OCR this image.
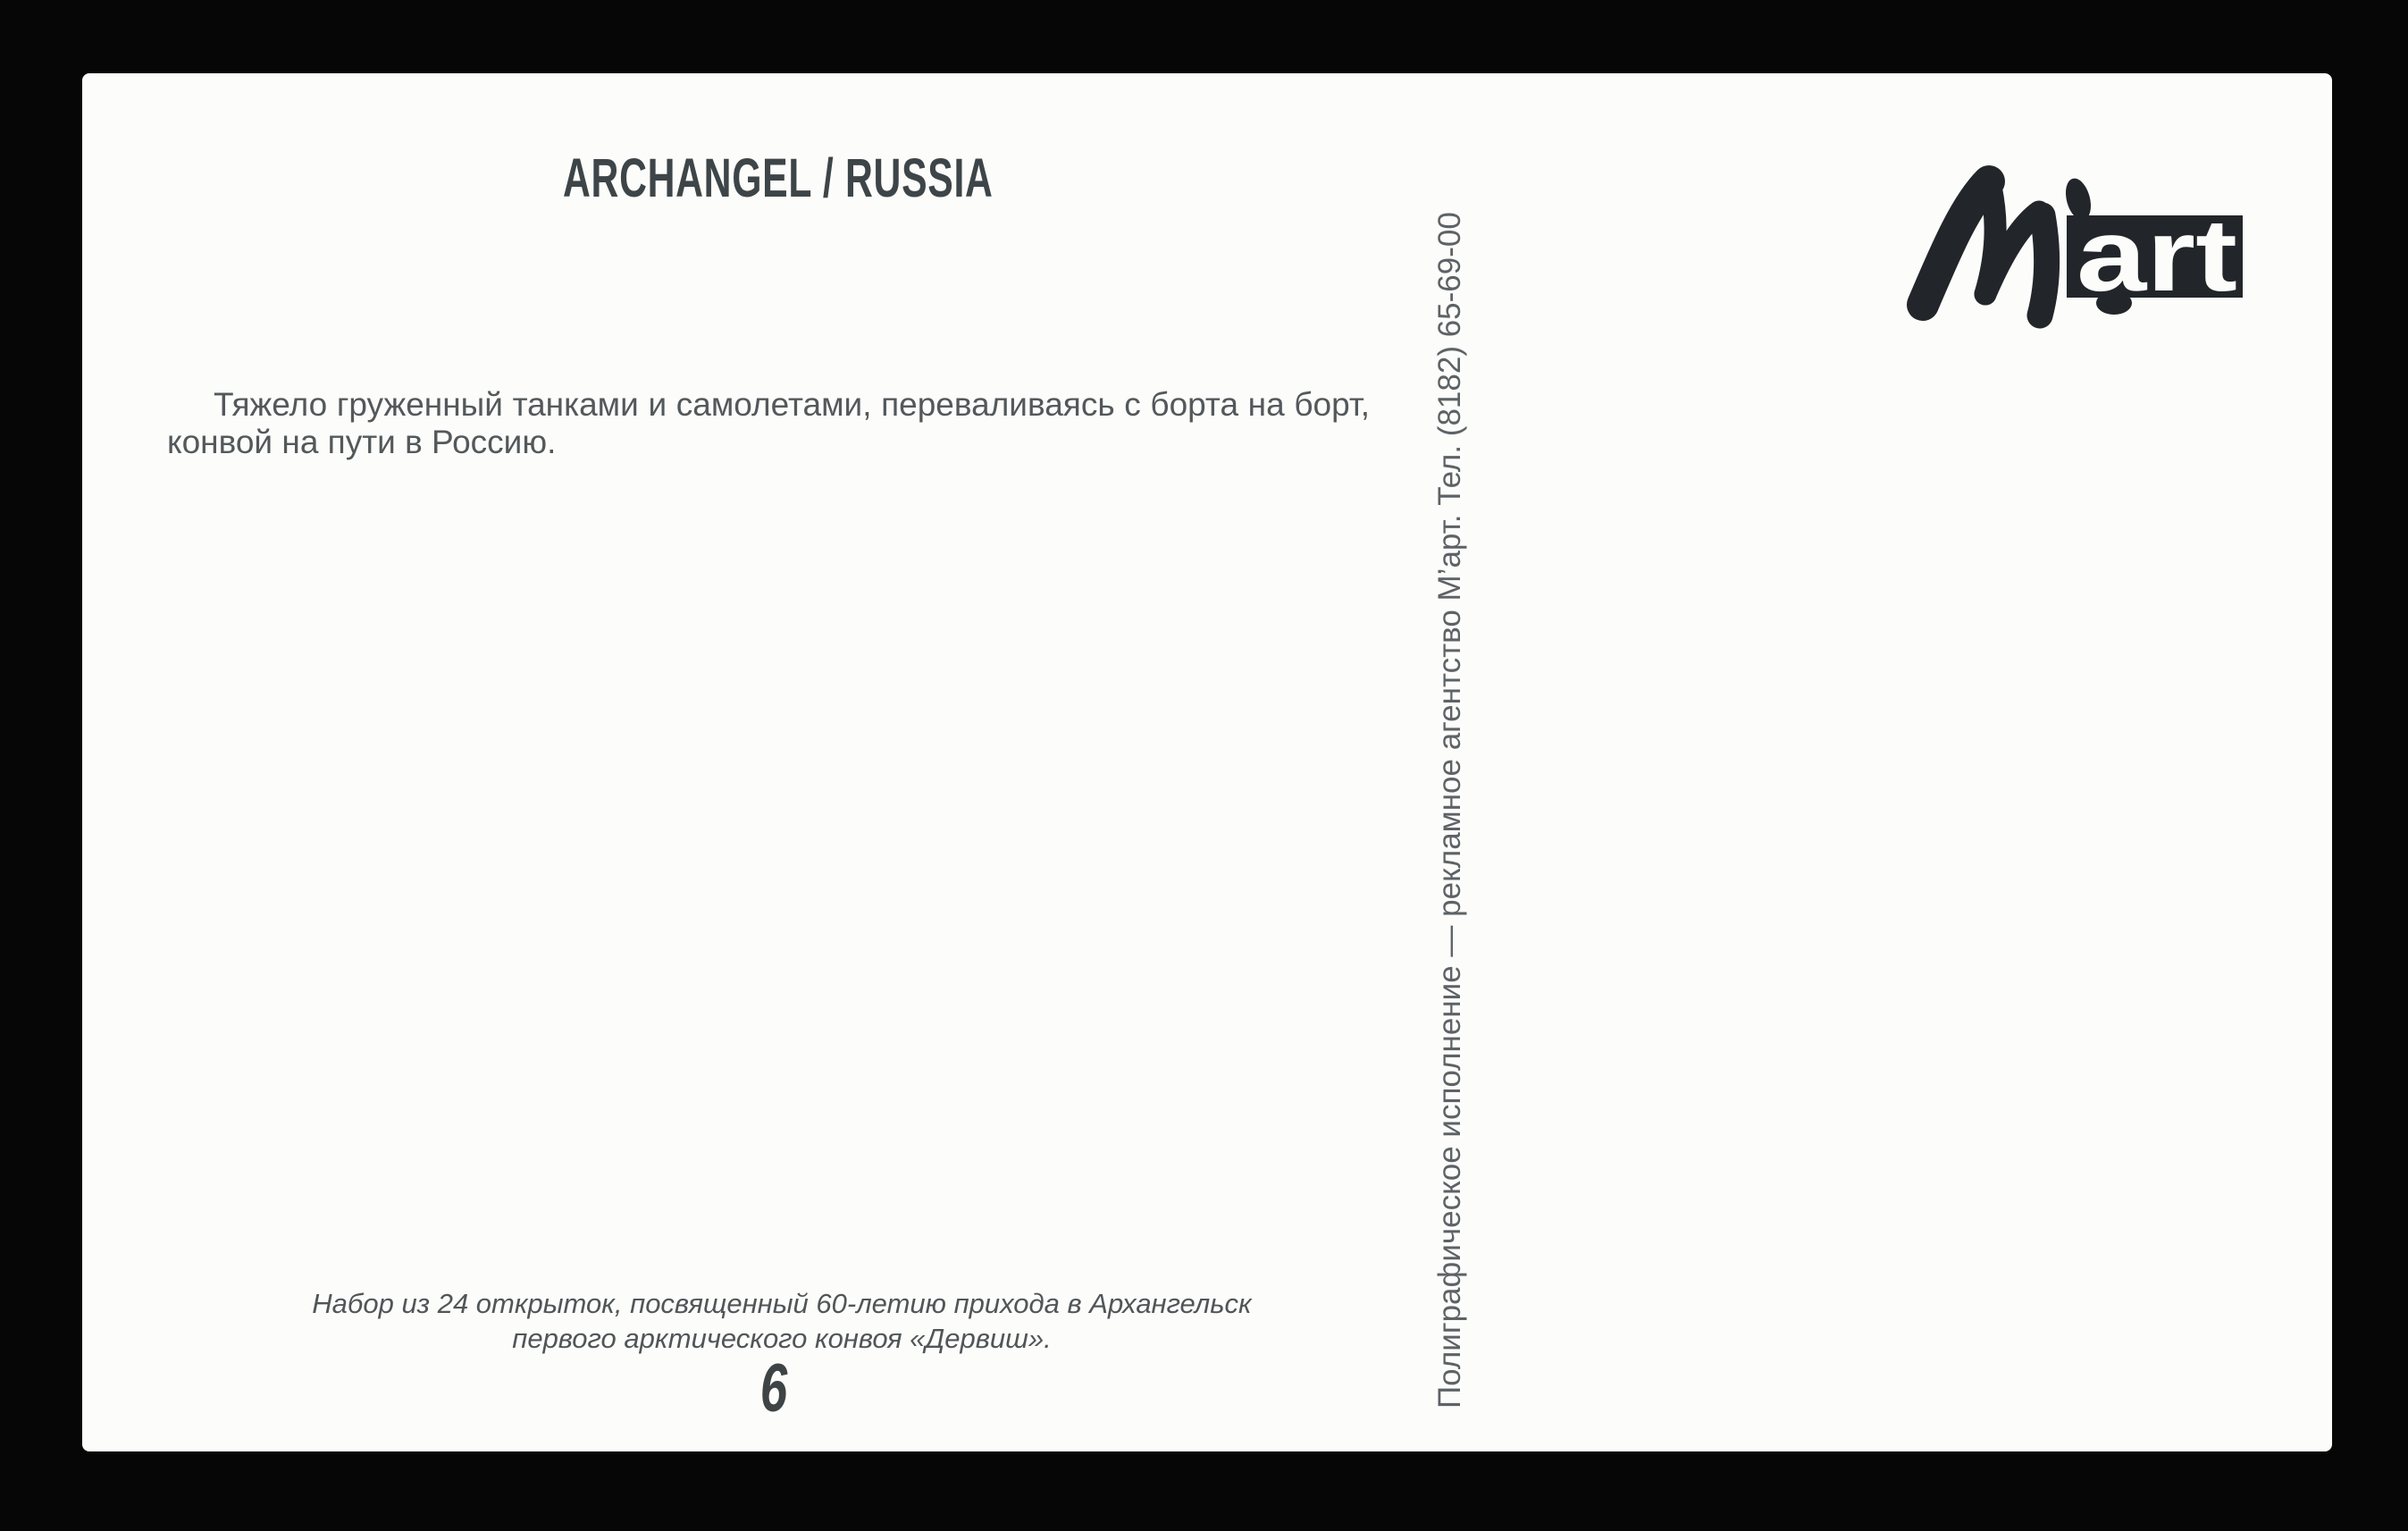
ARCHANGEL / RUSSIA
art

Тяжело груженный танками и самолетами, переваливаясь с борта на борт,
конвой на пути в Россию.	Полиграфическое исполнение — рекламное агентство М’арт. Тел. (8182) 65-69-00

Набор из 24 открыток, посвященный 60-летию прихода в Архангельск
первого арктического конвоя «Дервиш».

6
